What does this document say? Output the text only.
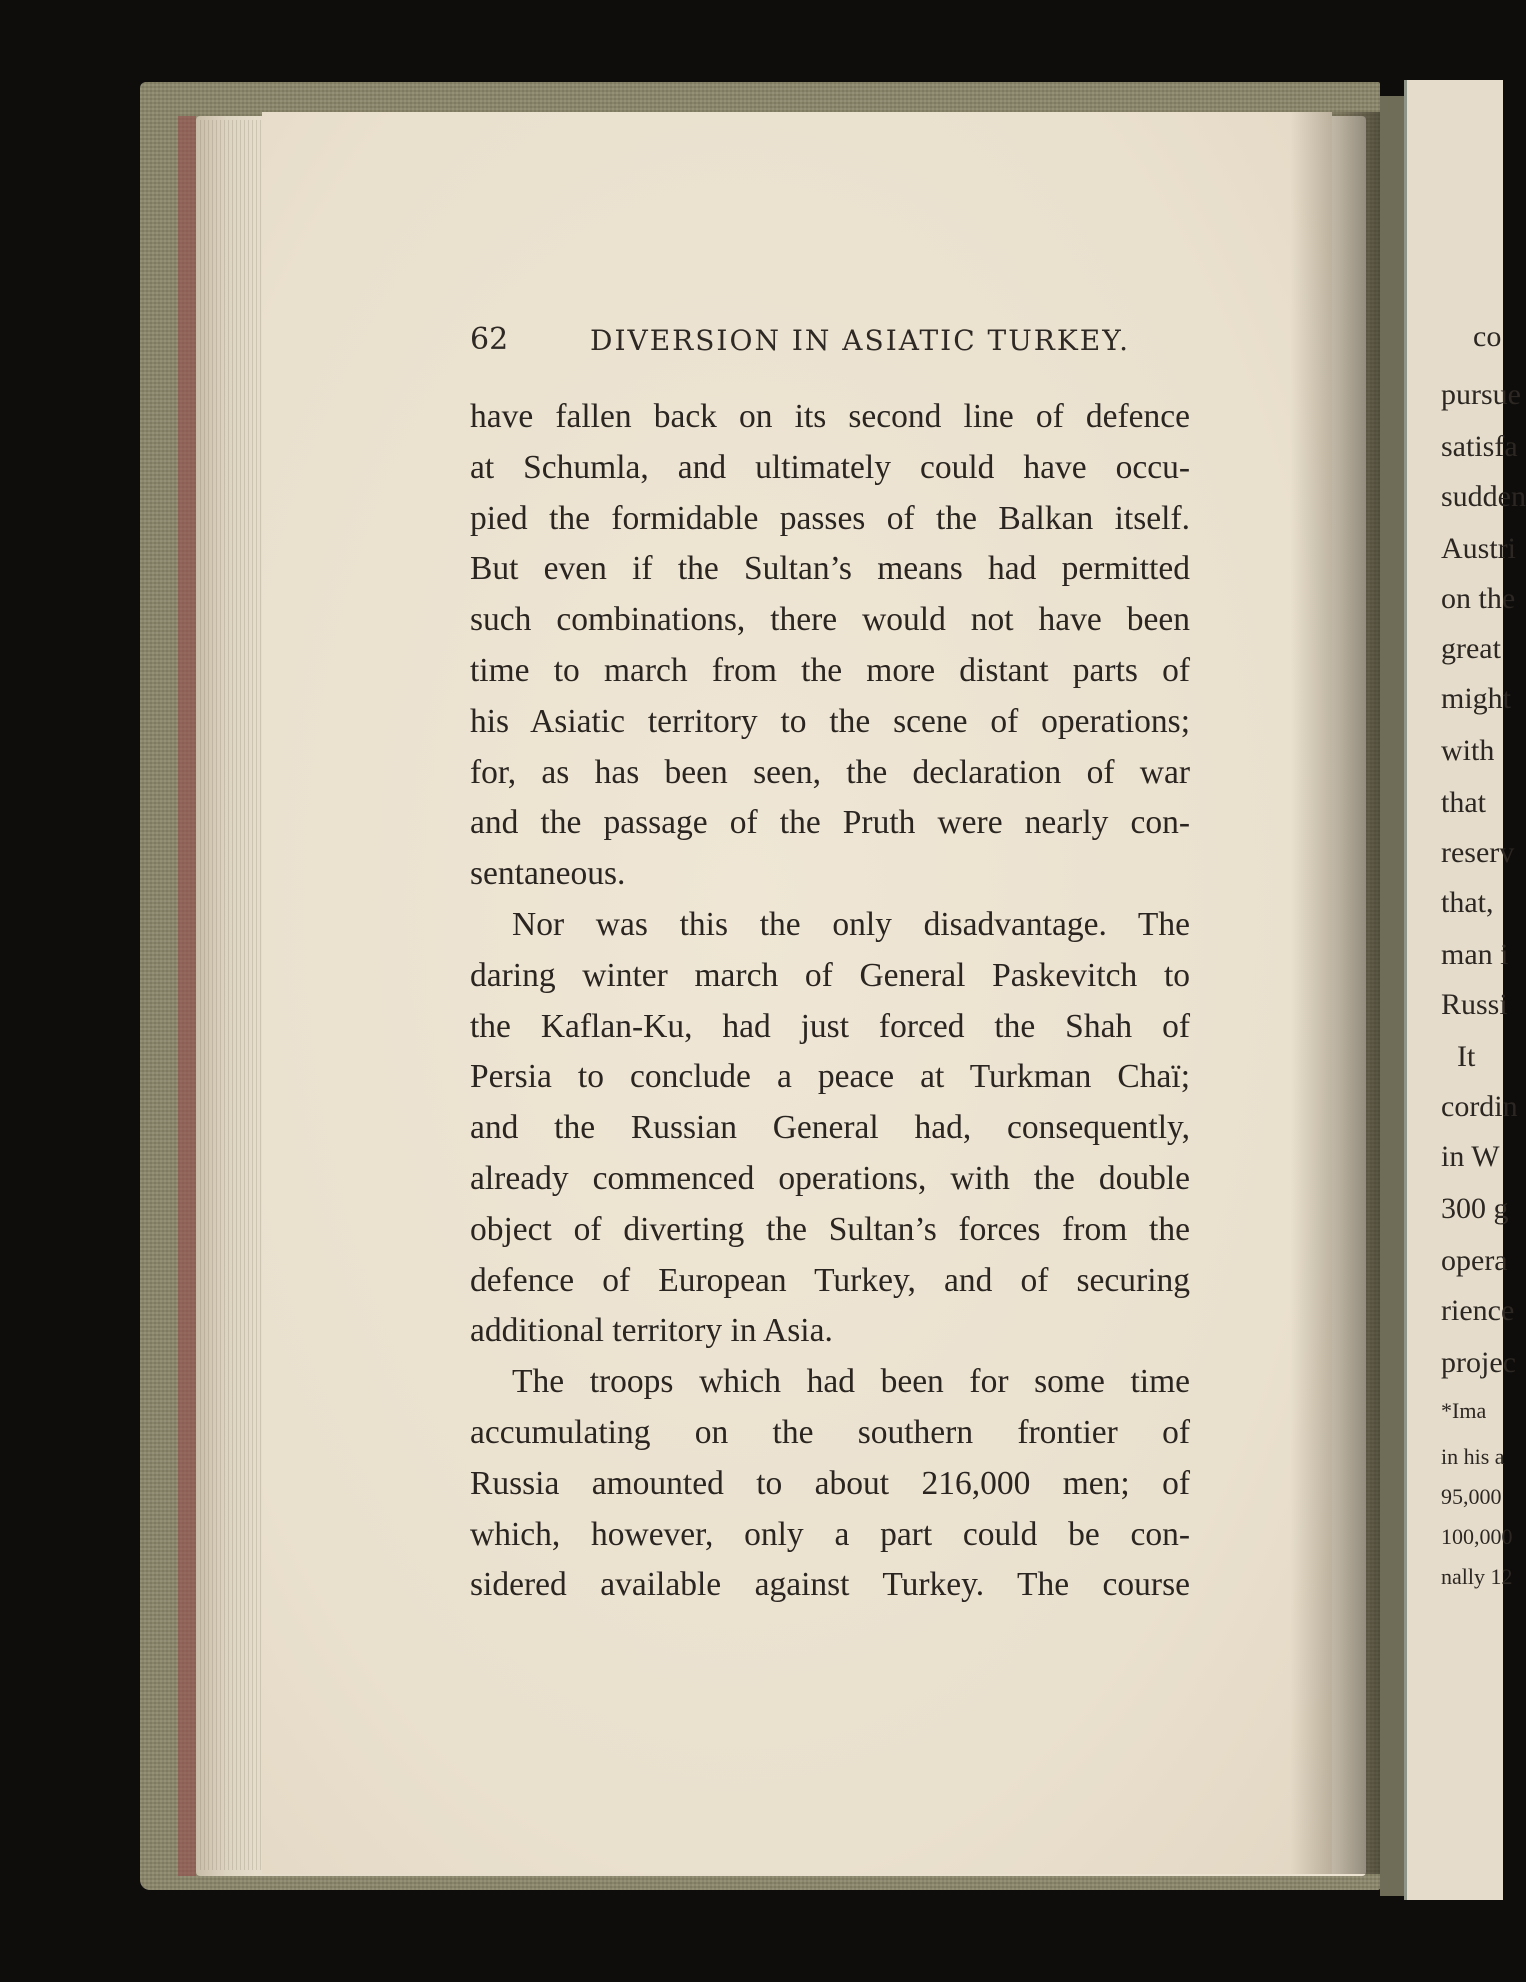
co
pursue
satisfa
sudden
Austri
on the
great
might
with
that
reserv
that,
man i
Russi
It
cordin
in W
300 g
opera
rience
projec
*Ima
in his a
95,000
100,000
nally 12
62	DIVERSION IN ASIATIC TURKEY.
have fallen back on its second line of defence
at Schumla, and ultimately could have occu-
pied the formidable passes of the Balkan itself.
But even if the Sultan’s means had permitted
such combinations, there would not have been
time to march from the more distant parts of
his Asiatic territory to the scene of operations;
for, as has been seen, the declaration of war
and the passage of the Pruth were nearly con-
sentaneous.
Nor was this the only disadvantage. The
daring winter march of General Paskevitch to
the Kaflan-Ku, had just forced the Shah of
Persia to conclude a peace at Turkman Chaï;
and the Russian General had, consequently,
already commenced operations, with the double
object of diverting the Sultan’s forces from the
defence of European Turkey, and of securing
additional territory in Asia.
The troops which had been for some time
accumulating on the southern frontier of
Russia amounted to about 216,000 men; of
which, however, only a part could be con-
sidered available against Turkey. The course
